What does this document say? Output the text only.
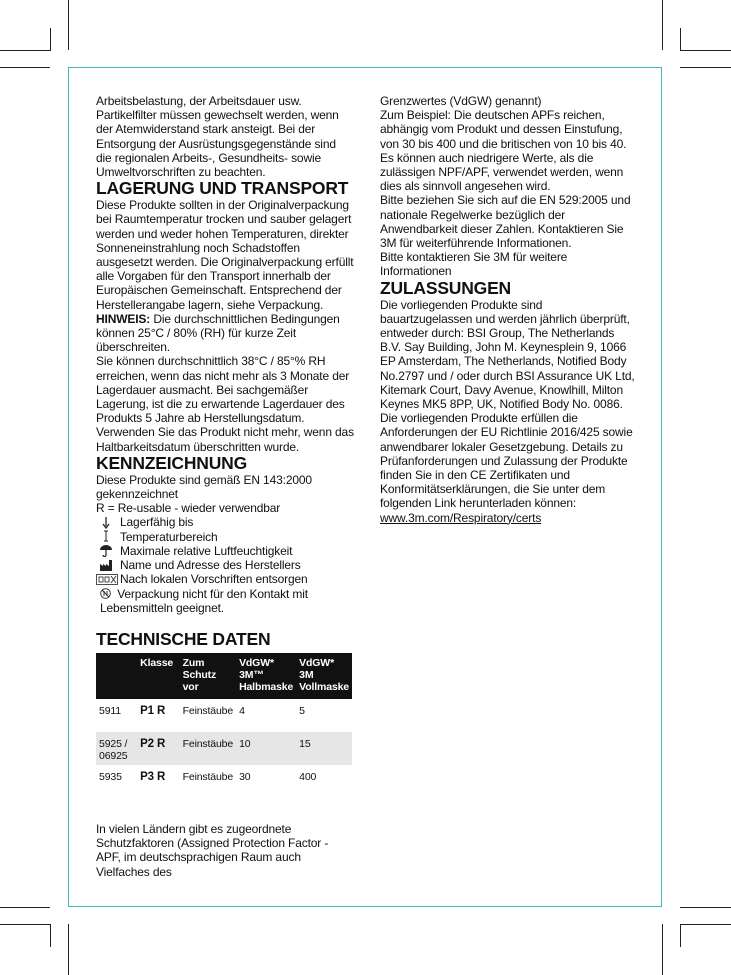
Arbeitsbelastung, der Arbeitsdauer usw. Partikelfilter müssen gewechselt werden, wenn der Atemwiderstand stark ansteigt. Bei der Entsorgung der Ausrüstungsgegenstände sind die regionalen Arbeits-, Gesundheits- sowie Umweltvorschriften zu beachten.

LAGERUNG UND TRANSPORT

Diese Produkte sollten in der Originalverpackung bei Raumtemperatur trocken und sauber gelagert werden und weder hohen Temperaturen, direkter Sonneneinstrahlung noch Schadstoffen ausgesetzt werden. Die Originalverpackung erfüllt alle Vorgaben für den Transport innerhalb der Europäischen Gemeinschaft. Entsprechend der Herstellerangabe lagern, siehe Verpackung.

HINWEIS: Die durchschnittlichen Bedingungen können 25°C / 80% (RH) für kurze Zeit überschreiten.

Sie können durchschnittlich 38°C / 85°% RH erreichen, wenn das nicht mehr als 3 Monate der Lagerdauer ausmacht. Bei sachgemäßer Lagerung, ist die zu erwartende Lagerdauer des Produkts 5 Jahre ab Herstellungsdatum.

Verwenden Sie das Produkt nicht mehr, wenn das Haltbarkeitsdatum überschritten wurde.

KENNZEICHNUNG

Diese Produkte sind gemäß EN 143:2000 gekennzeichnet

R = Re-usable - wieder verwendbar

Lagerfähig bis
Temperaturbereich
Maximale relative Luftfeuchtigkeit
Name und Adresse des Herstellers
Nach lokalen Vorschriften entsorgen

Verpackung nicht für den Kontakt mit Lebensmitteln geeignet.

TECHNISCHE DATEN

	Klasse	Zum Schutz vor	VdGW* 3M™ Halbmaske	VdGW* 3M Vollmaske
5911	P1 R	Feinstäube	4	5
5925 / 06925	P2 R	Feinstäube	10	15
5935	P3 R	Feinstäube	30	400

In vielen Ländern gibt es zugeordnete Schutzfaktoren (Assigned Protection Factor - APF, im deutschsprachigen Raum auch Vielfaches des

Grenzwertes (VdGW) genannt)

Zum Beispiel: Die deutschen APFs reichen, abhängig vom Produkt und dessen Einstufung, von 30 bis 400 und die britischen von 10 bis 40.

Es können auch niedrigere Werte, als die zulässigen NPF/APF, verwendet werden, wenn dies als sinnvoll angesehen wird.

Bitte beziehen Sie sich auf die EN 529:2005 und nationale Regelwerke bezüglich der Anwendbarkeit dieser Zahlen. Kontaktieren Sie 3M für weiterführende Informationen.

Bitte kontaktieren Sie 3M für weitere Informationen

ZULASSUNGEN

Die vorliegenden Produkte sind bauartzugelassen und werden jährlich überprüft, entweder durch: BSI Group, The Netherlands B.V. Say Building, John M. Keynesplein 9, 1066 EP Amsterdam, The Netherlands, Notified Body No.2797 und / oder durch BSI Assurance UK Ltd, Kitemark Court, Davy Avenue, Knowlhill, Milton Keynes MK5 8PP, UK, Notified Body No. 0086. Die vorliegenden Produkte erfüllen die Anforderungen der EU Richtlinie 2016/425 sowie anwendbarer lokaler Gesetzgebung. Details zu Prüfanforderungen und Zulassung der Produkte finden Sie in den CE Zertifikaten und Konformitätserklärungen, die Sie unter dem folgenden Link herunterladen können:

www.3m.com/Respiratory/certs
